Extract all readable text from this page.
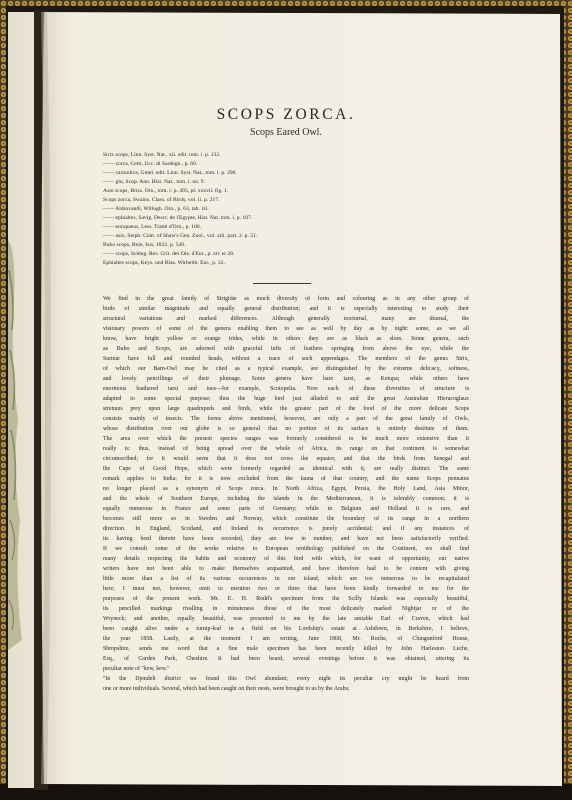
SCOPS ZORCA.
Scops Eared Owl.
Strix scops, Linn. Syst. Nat., xii. edit. tom. i. p. 132.
—— zorca, Cetti, Ucc. di Sardegn., p. 60.
—— carniolica, Gmel. edit. Linn. Syst. Nat., tom. i. p. 290.
—— giu, Scop. Ann. Hist. Nat., tom. i. no. 9.
Asio scops, Briss. Orn., tom. i. p. 495, pl. xxxvii. fig. 1.
Scops zorca, Swains. Class. of Birds, vol. ii. p. 217.
—— Aldrovandi, Willugh. Orn., p. 63, tab. xii.
—— ephialtes, Savig. Descr. de l'Egypte, Hist. Nat. tom. i. p. 107.
—— europaeus, Less. Traité d'Orn., p. 106.
—— asio, Steph. Cont. of Shaw's Gen. Zool., vol. xiii. part. 2. p. 51.
Bubo scops, Boie, Isis, 1822, p. 549.
—— scops, Schleg. Rev. Crit. des Ois. d'Eur., p. xiv et 28.
Ephialtes scops, Keys. und Blas. Wirbelth. Eur., p. 33.
We find in the great family of Strigidæ as much diversity of form and colouring as in any other group of
birds of similar magnitude and equally general distribution; and it is especially interesting to study their
structural variations and marked differences. Although generally nocturnal, many are diurnal, the
visionary powers of some of the genera enabling them to see as well by day as by night: some, as we all
know, have bright yellow or orange irides, while in others they are as black as sloes. Some genera, such
as Bubo and Scops, are adorned with graceful tufts of feathers springing from above the eye, while the
Surniæ have full and rounded heads, without a trace of such appendages. The members of the genus Strix,
of which our Barn-Owl may be cited as a typical example, are distinguished by the extreme delicacy, softness,
and lovely pencillings of their plumage. Some genera have bare tarsi, as Ketupa; while others have
enormous feathered tarsi and toes—for example, Scotopelia. Now each of these diversities of structure is
adapted to some special purpose; thus the huge bird just alluded to and the great Australian Hieracoglaux
strenuus prey upon large quadrupeds and birds, while the greater part of the food of the more delicate Scops
consists mainly of insects. The forms above mentioned, however, are only a part of the great family of Owls,
whose distribution over our globe is so general that no portion of its surface is entirely destitute of them.
The area over which the present species ranges was formerly considered to be much more extensive than it
really is: thus, instead of being spread over the whole of Africa, its range on that continent is somewhat
circumscribed; for it would seem that it does not cross the equator, and that the birds from Senegal and
the Cape of Good Hope, which were formerly regarded as identical with it, are really distinct. The same
remark applies to India; for it is now excluded from the fauna of that country, and the name Scops pennatus
no longer placed as a synonym of Scops zorca. In North Africa, Egypt, Persia, the Holy Land, Asia Minor,
and the whole of Southern Europe, including the islands in the Mediterranean, it is tolerably common; it is
equally numerous in France and some parts of Germany; while in Belgium and Holland it is rare, and
becomes still more so in Sweden and Norway, which constitute the boundary of its range in a northern
direction. In England, Scotland, and Ireland its occurrence is purely accidental; and if any instances of
its having bred therein have been recorded, they are few in number, and have not been satisfactorily verified.
If we consult some of the works relative to European ornithology published on the Continent, we shall find
many details respecting the habits and economy of this bird with which, for want of opportunity, our native
writers have not been able to make themselves acquainted, and have therefore had to be content with giving
little more than a list of its various occurrences in our island, which are too numerous to be recapitulated
here; I must not, however, omit to mention two or three that have been kindly forwarded to me for the
purposes of the present work. Mr. E. H. Rodd's specimen from the Scilly Islands was especially beautiful,
its pencilled markings rivalling in minuteness those of the most delicately marked Nightjar or of the
Wryneck; and another, equally beautiful, was presented to me by the late amiable Earl of Craven, which had
been caught alive under a turnip-leaf in a field on his Lordship's estate at Ashdown, in Berkshire, I believe,
the year 1858. Lastly, at the moment I am writing, June 1868, Mr. Roche, of Clungunford House,
Shropshire, sends me word that a fine male specimen has been recently killed by John Harleston Leche,
Esq., of Carden Park, Cheshire. It had been heard, several evenings before it was obtained, uttering its
peculiar note of "kew, kew."
"In the Djendeli district we found this Owl abundant; every night its peculiar cry might be heard from
one or more individuals. Several, which had been caught on their nests, were brought to us by the Arabs;
